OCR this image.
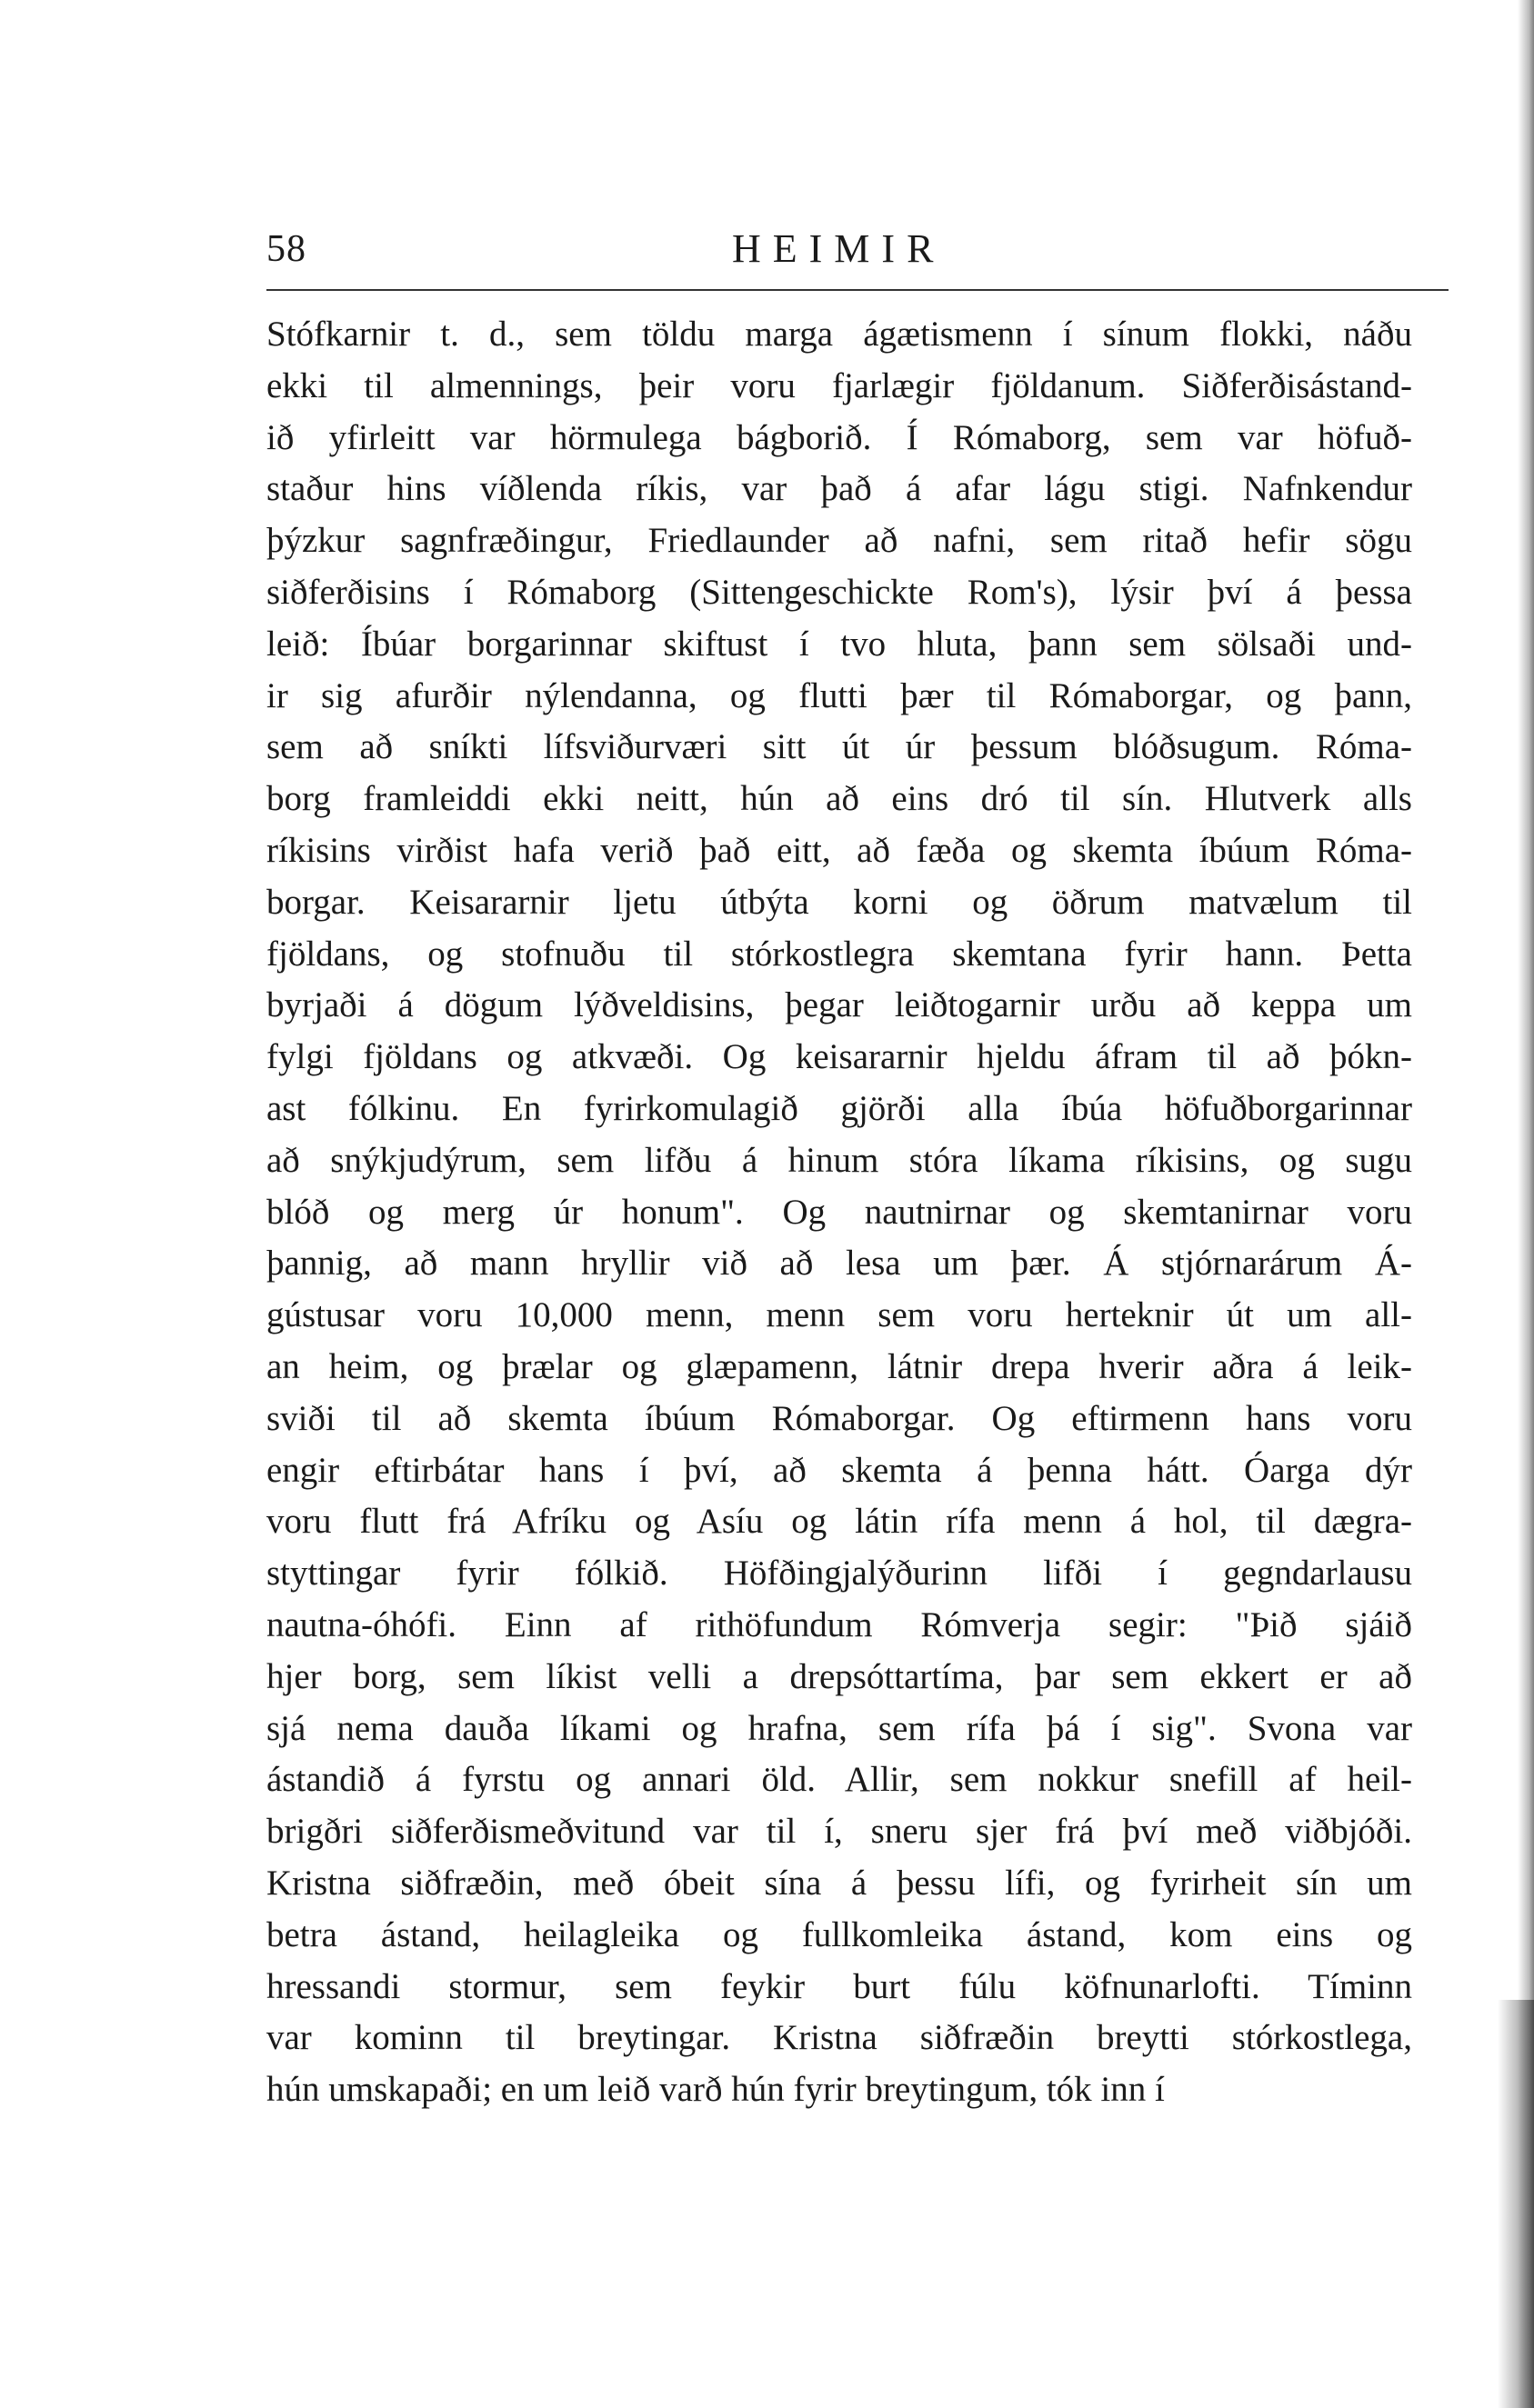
58	HEIMIR
Stófkarnir t. d., sem töldu marga ágætismenn í sínum flokki, náðu
ekki til almennings, þeir voru fjarlægir fjöldanum. Siðferðisástand-
ið yfirleitt var hörmulega bágborið. Í Rómaborg, sem var höfuð-
staður hins víðlenda ríkis, var það á afar lágu stigi. Nafnkendur
þýzkur sagnfræðingur, Friedlaunder að nafni, sem ritað hefir sögu
siðferðisins í Rómaborg (Sittengeschickte Rom's), lýsir því á þessa
leið: Íbúar borgarinnar skiftust í tvo hluta, þann sem sölsaði und-
ir sig afurðir nýlendanna, og flutti þær til Rómaborgar, og þann,
sem að sníkti lífsviðurværi sitt út úr þessum blóðsugum. Róma-
borg framleiddi ekki neitt, hún að eins dró til sín. Hlutverk alls
ríkisins virðist hafa verið það eitt, að fæða og skemta íbúum Róma-
borgar. Keisararnir ljetu útbýta korni og öðrum matvælum til
fjöldans, og stofnuðu til stórkostlegra skemtana fyrir hann. Þetta
byrjaði á dögum lýðveldisins, þegar leiðtogarnir urðu að keppa um
fylgi fjöldans og atkvæði. Og keisararnir hjeldu áfram til að þókn-
ast fólkinu. En fyrirkomulagið gjörði alla íbúa höfuðborgarinnar
að snýkjudýrum, sem lifðu á hinum stóra líkama ríkisins, og sugu
blóð og merg úr honum". Og nautnirnar og skemtanirnar voru
þannig, að mann hryllir við að lesa um þær. Á stjórnarárum Á-
gústusar voru 10,000 menn, menn sem voru herteknir út um all-
an heim, og þrælar og glæpamenn, látnir drepa hverir aðra á leik-
sviði til að skemta íbúum Rómaborgar. Og eftirmenn hans voru
engir eftirbátar hans í því, að skemta á þenna hátt. Óarga dýr
voru flutt frá Afríku og Asíu og látin rífa menn á hol, til dægra-
styttingar fyrir fólkið. Höfðingjalýðurinn lifði í gegndarlausu
nautna-óhófi. Einn af rithöfundum Rómverja segir: "Þið sjáið
hjer borg, sem líkist velli a drepsóttartíma, þar sem ekkert er að
sjá nema dauða líkami og hrafna, sem rífa þá í sig". Svona var
ástandið á fyrstu og annari öld. Allir, sem nokkur snefill af heil-
brigðri siðferðismeðvitund var til í, sneru sjer frá því með viðbjóði.
Kristna siðfræðin, með óbeit sína á þessu lífi, og fyrirheit sín um
betra ástand, heilagleika og fullkomleika ástand, kom eins og
hressandi stormur, sem feykir burt fúlu köfnunarlofti. Tíminn
var kominn til breytingar. Kristna siðfræðin breytti stórkostlega,
hún umskapaði; en um leið varð hún fyrir breytingum, tók inn í
